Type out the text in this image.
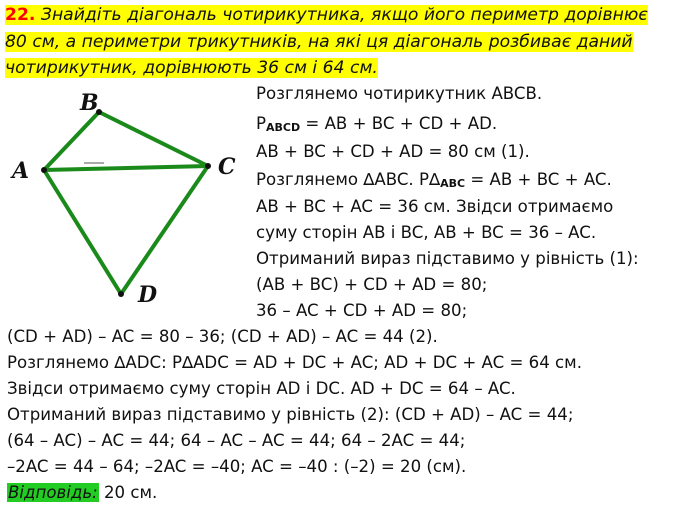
22. Знайдіть діагональ чотирикутника, якщо його периметр дорівнює
80 см, а периметри трикутників, на які ця діагональ розбиває даний
чотирикутник, дорівнюють 36 см і 64 см.
A
B
C
D
Розглянемо чотирикутник ABCB.
PABCD = AB + BC + CD + AD.
AB + BC + CD + AD = 80 см (1).
Розглянемо ∆ABC. P∆ABC = AB + BC + AC.
AB + BC + AC = 36 см. Звідси отримаємо
суму сторін AB і BC, AB + BC = 36 – AC.
Отриманий вираз підставимо у рівність (1):
(AB + BC) + CD + AD = 80;
36 – AC + CD + AD = 80;
(CD + AD) – AC = 80 – 36; (CD + AD) – AC = 44 (2).
Розглянемо ∆ADC: P∆ADC = AD + DC + AC; AD + DC + AC = 64 см.
Звідси отримаємо суму сторін AD і DC. AD + DC = 64 – AC.
Отриманий вираз підставимо у рівність (2): (CD + AD) – AC = 44;
(64 – AC) – AC = 44; 64 – AC – AC = 44; 64 – 2AC = 44;
–2AC = 44 – 64; –2AC = –40; AC = –40 : (–2) = 20 (см).
Відповідь: 20 см.
